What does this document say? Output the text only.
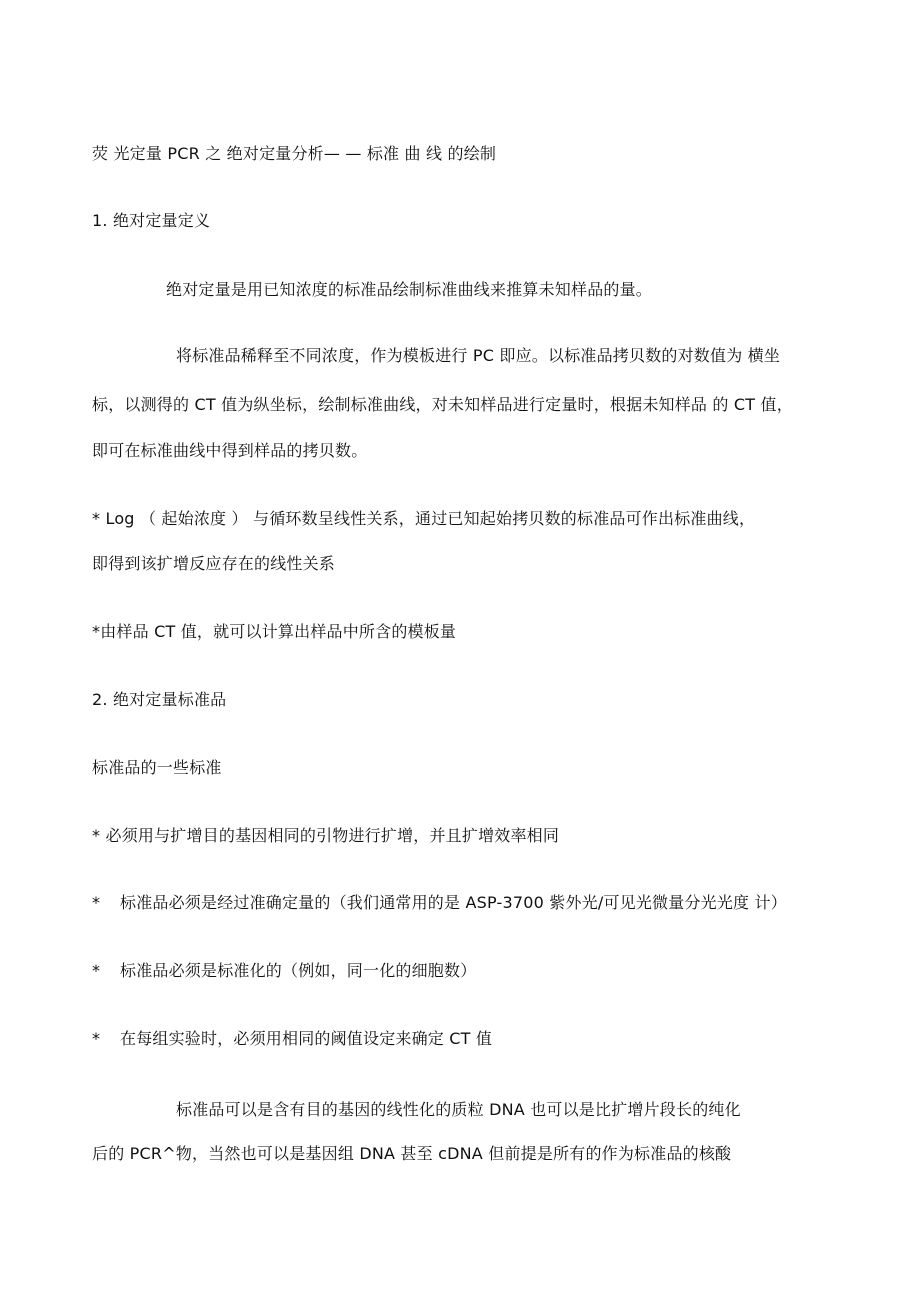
荧 光定量 PCR 之 绝对定量分析— — 标准 曲 线 的绘制
1. 绝对定量定义
绝对定量是用已知浓度的标准品绘制标准曲线来推算未知样品的量。
将标准品稀释至不同浓度，作为模板进行 PC 即应。以标准品拷贝数的对数值为 横坐
标，以测得的 CT 值为纵坐标，绘制标准曲线，对未知样品进行定量时，根据未知样品 的 CT 值，
即可在标准曲线中得到样品的拷贝数。
* Log （ 起始浓度 ） 与循环数呈线性关系，通过已知起始拷贝数的标准品可作出标准曲线，
即得到该扩增反应存在的线性关系
*由样品 CT 值，就可以计算出样品中所含的模板量
2. 绝对定量标准品
标准品的一些标准
* 必须用与扩增目的基因相同的引物进行扩增，并且扩增效率相同
* 标准品必须是经过准确定量的（我们通常用的是 ASP-3700 紫外光/可见光微量分光光度 计）
* 标准品必须是标准化的（例如，同一化的细胞数）
* 在每组实验时，必须用相同的阈值设定来确定 CT 值
标准品可以是含有目的基因的线性化的质粒 DNA 也可以是比扩增片段长的纯化
后的 PCR^物，当然也可以是基因组 DNA 甚至 cDNA 但前提是所有的作为标准品的核酸
